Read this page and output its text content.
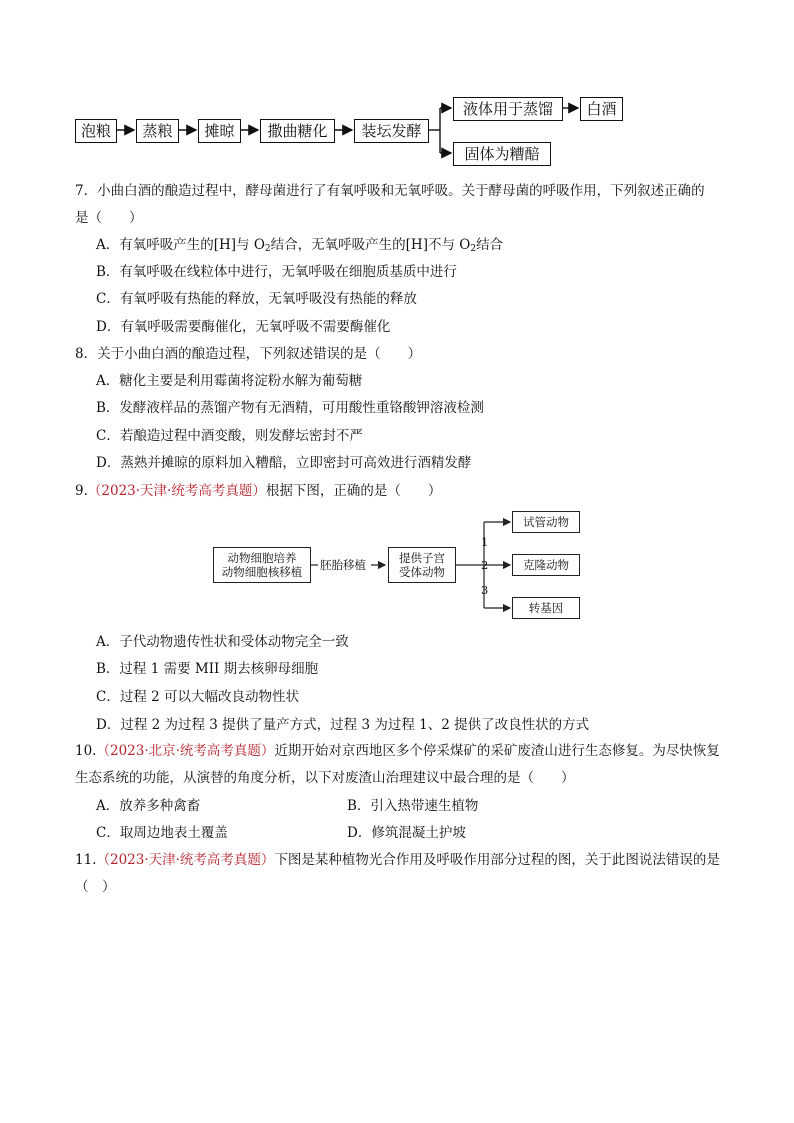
泡粮	蒸粮	摊晾	撒曲糖化	装坛发酵
液体用于蒸馏	白酒
固体为糟醅
7．小曲白酒的酿造过程中，酵母菌进行了有氧呼吸和无氧呼吸。关于酵母菌的呼吸作用，下列叙述正确的
是（　　）
A．有氧呼吸产生的[H]与 $O_2$结合，无氧呼吸产生的[H]不与 $O_2$结合
B．有氧呼吸在线粒体中进行，无氧呼吸在细胞质基质中进行
C．有氧呼吸有热能的释放，无氧呼吸没有热能的释放
D．有氧呼吸需要酶催化，无氧呼吸不需要酶催化
8．关于小曲白酒的酿造过程，下列叙述错误的是（　　）
A．糖化主要是利用霉菌将淀粉水解为葡萄糖
B．发酵液样品的蒸馏产物有无酒精，可用酸性重铬酸钾溶液检测
C．若酿造过程中酒变酸，则发酵坛密封不严
D．蒸熟并摊晾的原料加入糟醅，立即密封可高效进行酒精发酵
9.（2023·天津·统考高考真题）根据下图，正确的是（　　）
动物细胞培养
动物细胞核移植	胚胎移植	提供子宫
受体动物
试管动物
克隆动物
转基因
1
2
3
A．子代动物遗传性状和受体动物完全一致
B．过程 1 需要 MII 期去核卵母细胞
C．过程 2 可以大幅改良动物性状
D．过程 2 为过程 3 提供了量产方式，过程 3 为过程 1、2 提供了改良性状的方式
10.（2023·北京·统考高考真题）近期开始对京西地区多个停采煤矿的采矿废渣山进行生态修复。为尽快恢复
生态系统的功能，从演替的角度分析，以下对废渣山治理建议中最合理的是（　　）
A．放养多种禽畜	B．引入热带速生植物
C．取周边地表土覆盖	D．修筑混凝土护坡
11.（2023·天津·统考高考真题）下图是某种植物光合作用及呼吸作用部分过程的图，关于此图说法错误的是
（　）
